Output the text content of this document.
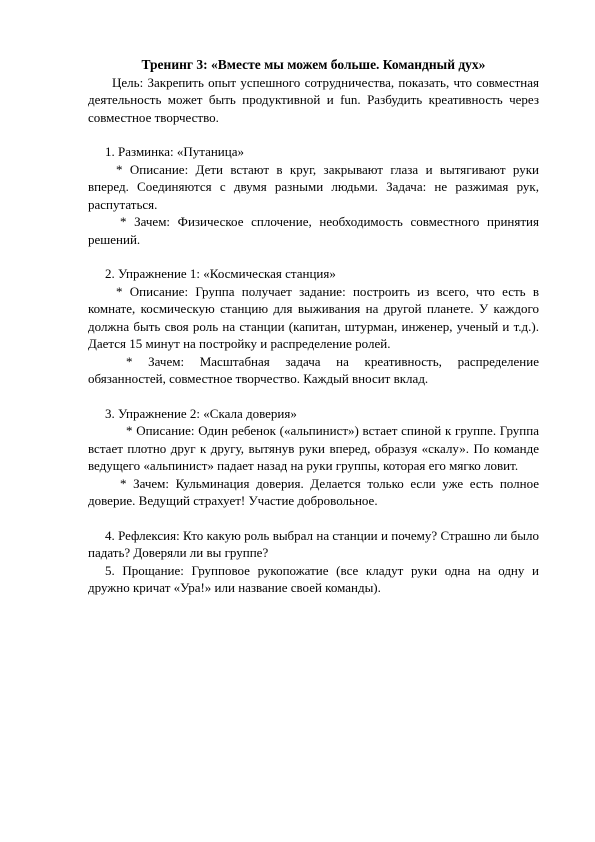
Тренинг 3: «Вместе мы можем больше. Командный дух»

Цель: Закрепить опыт успешного сотрудничества, показать, что совместная деятельность может быть продуктивной и fun. Разбудить креативность через совместное творчество.

1. Разминка: «Путаница»

* Описание: Дети встают в круг, закрывают глаза и вытягивают руки вперед. Соединяются с двумя разными людьми. Задача: не разжимая рук, распутаться.

* Зачем: Физическое сплочение, необходимость совместного принятия решений.

2. Упражнение 1: «Космическая станция»

* Описание: Группа получает задание: построить из всего, что есть в комнате, космическую станцию для выживания на другой планете. У каждого должна быть своя роль на станции (капитан, штурман, инженер, ученый и т.д.). Дается 15 минут на постройку и распределение ролей.

* Зачем: Масштабная задача на креативность, распределение обязанностей, совместное творчество. Каждый вносит вклад.

3. Упражнение 2: «Скала доверия»

* Описание: Один ребенок («альпинист») встает спиной к группе. Группа встает плотно друг к другу, вытянув руки вперед, образуя «скалу». По команде ведущего «альпинист» падает назад на руки группы, которая его мягко ловит.

* Зачем: Кульминация доверия. Делается только если уже есть полное доверие. Ведущий страхует! Участие добровольное.

4. Рефлексия: Кто какую роль выбрал на станции и почему? Страшно ли было падать? Доверяли ли вы группе?

5. Прощание: Групповое рукопожатие (все кладут руки одна на одну и дружно кричат «Ура!» или название своей команды).
